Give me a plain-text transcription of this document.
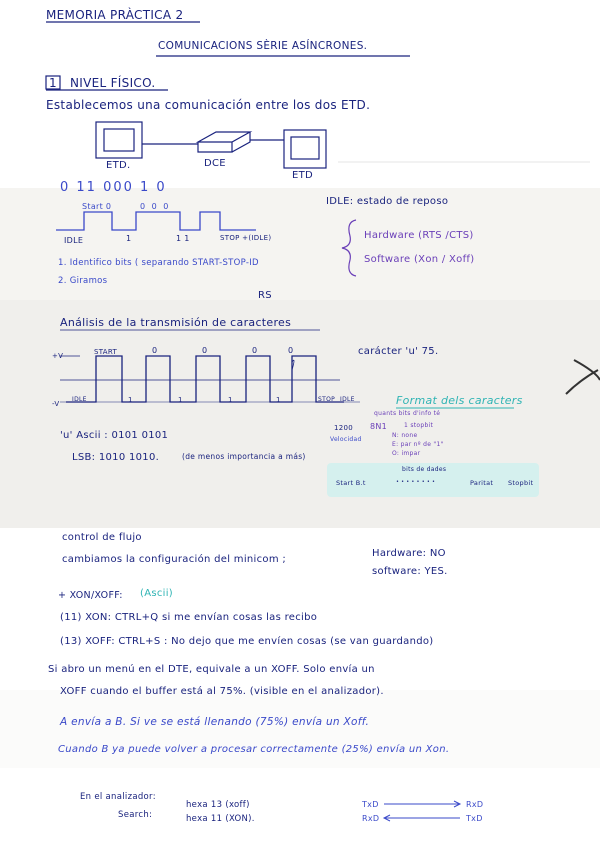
MEMORIA PRÀCTICA 2
COMUNICACIONS SÈRIE ASÍNCRONES.
1 NIVEL FÍSICO.
Establecemos una comunicación entre los dos ETD.
ETD.	DCE
ETD
0 11 000 1 0
Start 0	0 0 0
IDLE	1	1 1	STOP +(IDLE)
1. Identifico bits ( separando START-STOP-ID
2. Giramos
IDLE: estado de reposo
Hardware (RTS /CTS)
Software (Xon / Xoff)
RS
Análisis de la transmisión de caracteres
+V
-V
START	0	0	0	0
IDLE	1	1	1	1	STOP IDLE
carácter 'u' 75.
'u' Ascii : 0101 0101
LSB: 1010 1010.	(de menos importancia a más)
Format dels caracters
quants bits d'info té
1200
Velocidad
8N1	1 stopbit
N: none
E: par nº de "1"
O: impar
bits de dades
Start B.t	• • • • • • • •	Paritat Stopbit
control de flujo
cambiamos la configuración del minicom ;
Hardware: NO
software: YES.
+ XON/XOFF: (Ascii)
(11) XON: CTRL+Q si me envían cosas las recibo
(13) XOFF: CTRL+S : No dejo que me envíen cosas (se van guardando)
Si abro un menú en el DTE, equivale a un XOFF. Solo envía un
XOFF cuando el buffer está al 75%. (visible en el analizador).
A envía a B. Si ve se está llenando (75%) envía un Xoff.
Cuando B ya puede volver a procesar correctamente (25%) envía un Xon.
En el analizador:
Search:
hexa 13 (xoff)
hexa 11 (XON).
TxD	RxD
RxD	TxD
